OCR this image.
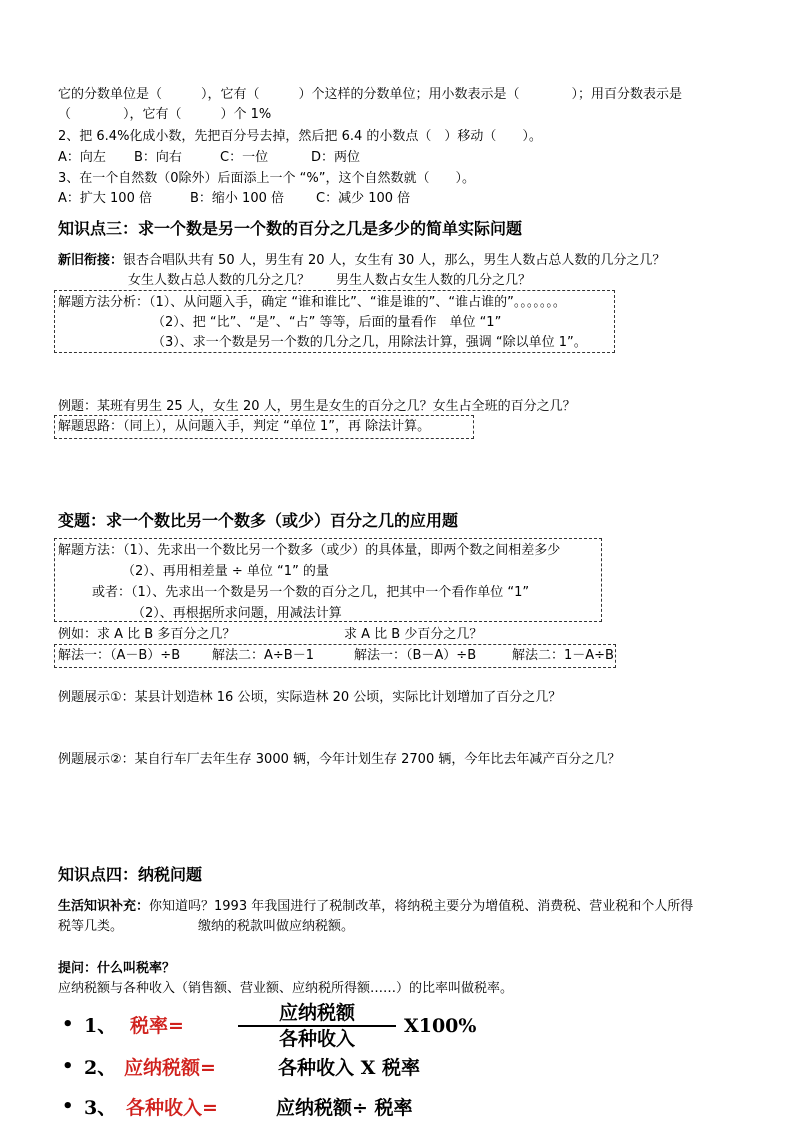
它的分数单位是（　　　），它有（　　　）个这样的分数单位；用小数表示是（　　　　）；用百分数表示是
（　　　　），它有（　　　）个 1%
2、把 6.4%化成小数，先把百分号去掉，然后把 6.4 的小数点（　）移动（　　）。
A：向左 B：向右	C：一位	D：两位
3、在一个自然数（0除外）后面添上一个 “%”，这个自然数就（　　）。
A：扩大 100 倍	B：缩小 100 倍 C：减少 100 倍
知识点三：求一个数是另一个数的百分之几是多少的简单实际问题
新旧衔接：银杏合唱队共有 50 人，男生有 20 人，女生有 30 人，那么，男生人数占总人数的几分之几？
女生人数占总人数的几分之几？　　男生人数占女生人数的几分之几？
解题方法分析：（1）、从问题入手，确定 “谁和谁比”、“谁是谁的”、“谁占谁的”。。。。。。。
（2）、把 “比”、“是”、“占” 等等，后面的量看作　单位 “1”
（3）、求一个数是另一个数的几分之几，用除法计算，强调 “除以单位 1”。
例题：某班有男生 25 人，女生 20 人，男生是女生的百分之几？女生占全班的百分之几？
解题思路：（同上），从问题入手，判定 “单位 1”，再 除法计算。
变题：求一个数比另一个数多（或少）百分之几的应用题
解题方法：（1）、先求出一个数比另一个数多（或少）的具体量，即两个数之间相差多少
（2）、再用相差量 ÷ 单位 “1” 的量
或者：（1）、先求出一个数是另一个数的百分之几，把其中一个看作单位 “1”
（2）、再根据所求问题，用减法计算
例如：求 A 比 B 多百分之几？	求 A 比 B 少百分之几？
解法一：（A－B）÷B 解法二：A÷B－1	解法一：（B－A）÷B	解法二：1－A÷B
例题展示①：某县计划造林 16 公顷，实际造林 20 公顷，实际比计划增加了百分之几？
例题展示②：某自行车厂去年生存 3000 辆，今年计划生存 2700 辆，今年比去年减产百分之几？
知识点四：纳税问题
生活知识补充：你知道吗？1993 年我国进行了税制改革，将纳税主要分为增值税、消费税、营业税和个人所得
税等几类。	缴纳的税款叫做应纳税额。
提问：什么叫税率？
应纳税额与各种收入（销售额、营业额、应纳税所得额……）的比率叫做税率。
• 1、 税率=
应纳税额
各种收入
X100%
• 2、 应纳税额=	各种收入 X 税率
• 3、 各种收入=	应纳税额÷ 税率
